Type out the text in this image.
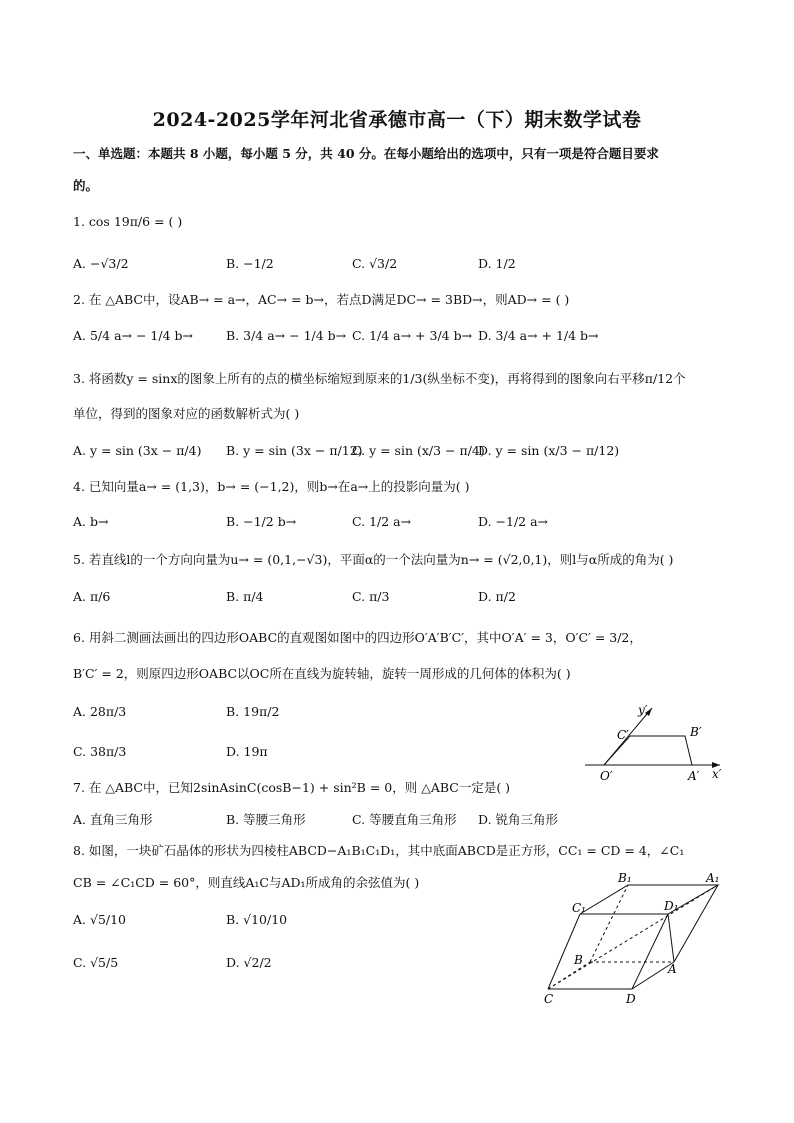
2024-2025学年河北省承德市高一（下）期末数学试卷
一、单选题：本题共 8 小题，每小题 5 分，共 40 分。在每小题给出的选项中，只有一项是符合题目要求
的。
1. cos 19π/6 = ( )
A. −√3/2	B. −1/2	C. √3/2	D. 1/2
2. 在 △ABC中，设AB→ = a→，AC→ = b→，若点D满足DC→ = 3BD→，则AD→ = ( )
A. 5/4 a→ − 1/4 b→	B. 3/4 a→ − 1/4 b→ C. 1/4 a→ + 3/4 b→ D. 3/4 a→ + 1/4 b→
3. 将函数y = sinx的图象上所有的点的横坐标缩短到原来的1/3(纵坐标不变)，再将得到的图象向右平移π/12个
单位，得到的图象对应的函数解析式为( )
A. y = sin (3x − π/4) B. y = sin (3x − π/12)
C. y = sin (x/3 − π/4)
D. y = sin (x/3 − π/12)
4. 已知向量a→ = (1,3)，b→ = (−1,2)，则b→在a→上的投影向量为( )
A. b→	B. −1/2 b→	C. 1/2 a→	D. −1/2 a→
5. 若直线l的一个方向向量为u→ = (0,1,−√3)，平面α的一个法向量为n→ = (√2,0,1)，则l与α所成的角为( )
A. π/6	B. π/4	C. π/3	D. π/2
6. 用斜二测画法画出的四边形OABC的直观图如图中的四边形O′A′B′C′，其中O′A′ = 3，O′C′ = 3/2，
B′C′ = 2，则原四边形OABC以OC所在直线为旋转轴，旋转一周形成的几何体的体积为( )
A. 28π/3	B. 19π/2
C. 38π/3	D. 19π
y′
C′	B′
O′	A′ x′
7. 在 △ABC中，已知2sinAsinC(cosB−1) + sin²B = 0，则 △ABC一定是( )
A. 直角三角形	B. 等腰三角形	C. 等腰直角三角形 D. 锐角三角形
8. 如图，一块矿石晶体的形状为四棱柱ABCD−A₁B₁C₁D₁，其中底面ABCD是正方形，CC₁ = CD = 4，∠C₁
CB = ∠C₁CD = 60°，则直线A₁C与AD₁所成角的余弦值为( )
A. √5/10	B. √10/10
C. √5/5	D. √2/2
B₁	A₁
C₁	D₁
B
A
C	D
